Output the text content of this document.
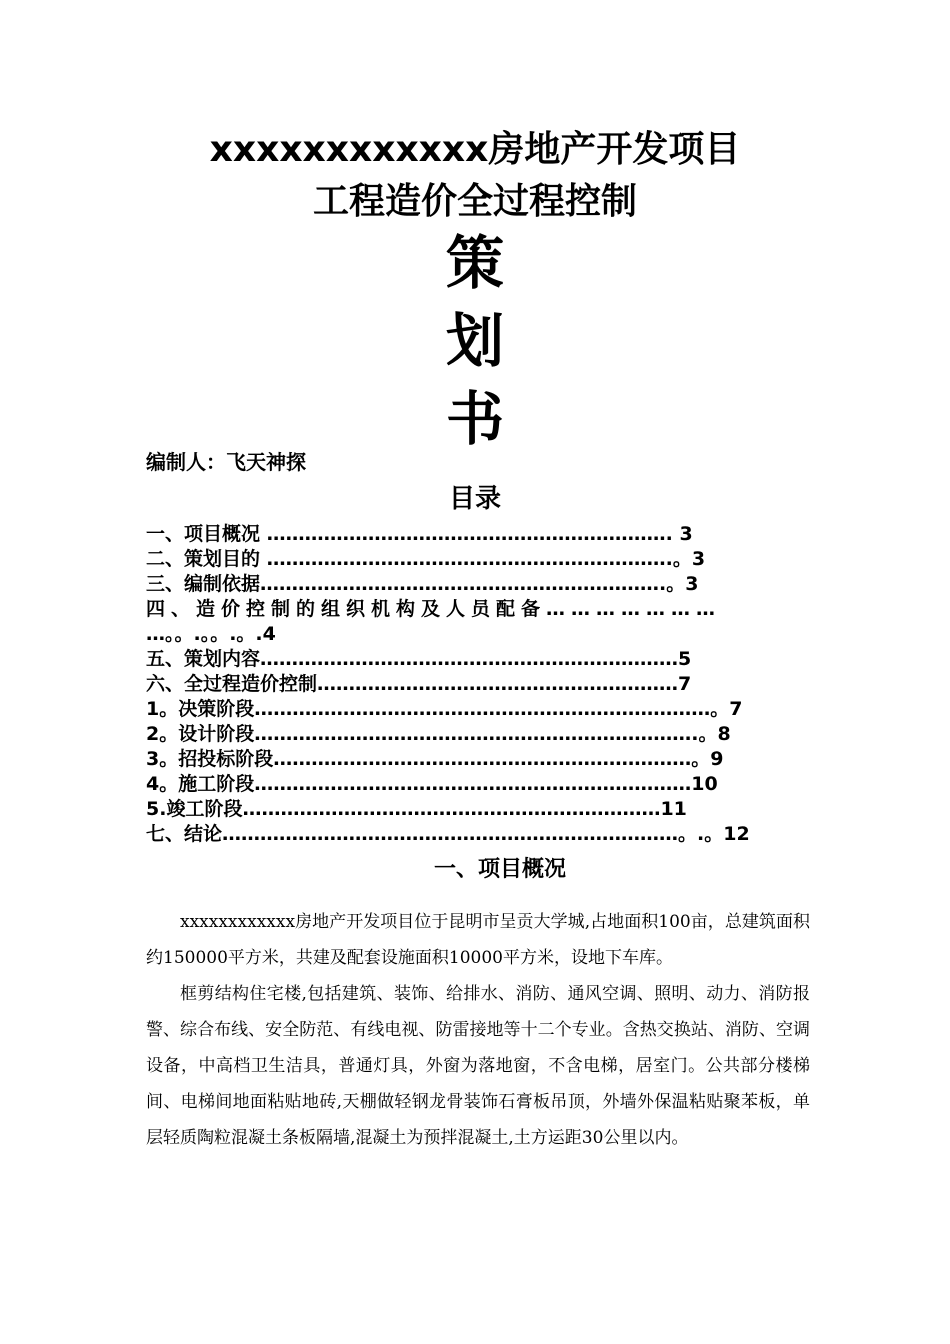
xxxxxxxxxxxx房地产开发项目
工程造价全过程控制
策
划
书
编制人：飞天神探
目录
一、项目概况 ………………………………………………………. 3
二、策划目的 ……………………………………………………….。3
三、编制依据……………………………………………………….。3
四、造价控制的组织机构及人员配备…………………
…。。.。。.。.4
五、策划内容…………………………………………………………5
六、全过程造价控制…………………………………………………7
1。决策阶段………………………………………………………………。7
2。设计阶段…………………………………………………………….。8
3。招投标阶段…………………………………………………………。9
4。施工阶段……………………………………………………………10
5.竣工阶段…………………………………………………………11
七、结论………………………………………………………………。.。12
一、项目概况

xxxxxxxxxxxx房地产开发项目位于昆明市呈贡大学城,占地面积100亩，总建筑面积约150000平方米，共建及配套设施面积10000平方米，设地下车库。

框剪结构住宅楼,包括建筑、装饰、给排水、消防、通风空调、照明、动力、消防报警、综合布线、安全防范、有线电视、防雷接地等十二个专业。含热交换站、消防、空调设备，中高档卫生洁具，普通灯具，外窗为落地窗，不含电梯，居室门。公共部分楼梯间、电梯间地面粘贴地砖,天棚做轻钢龙骨装饰石膏板吊顶，外墙外保温粘贴聚苯板，单层轻质陶粒混凝土条板隔墙,混凝土为预拌混凝土,土方运距30公里以内。
